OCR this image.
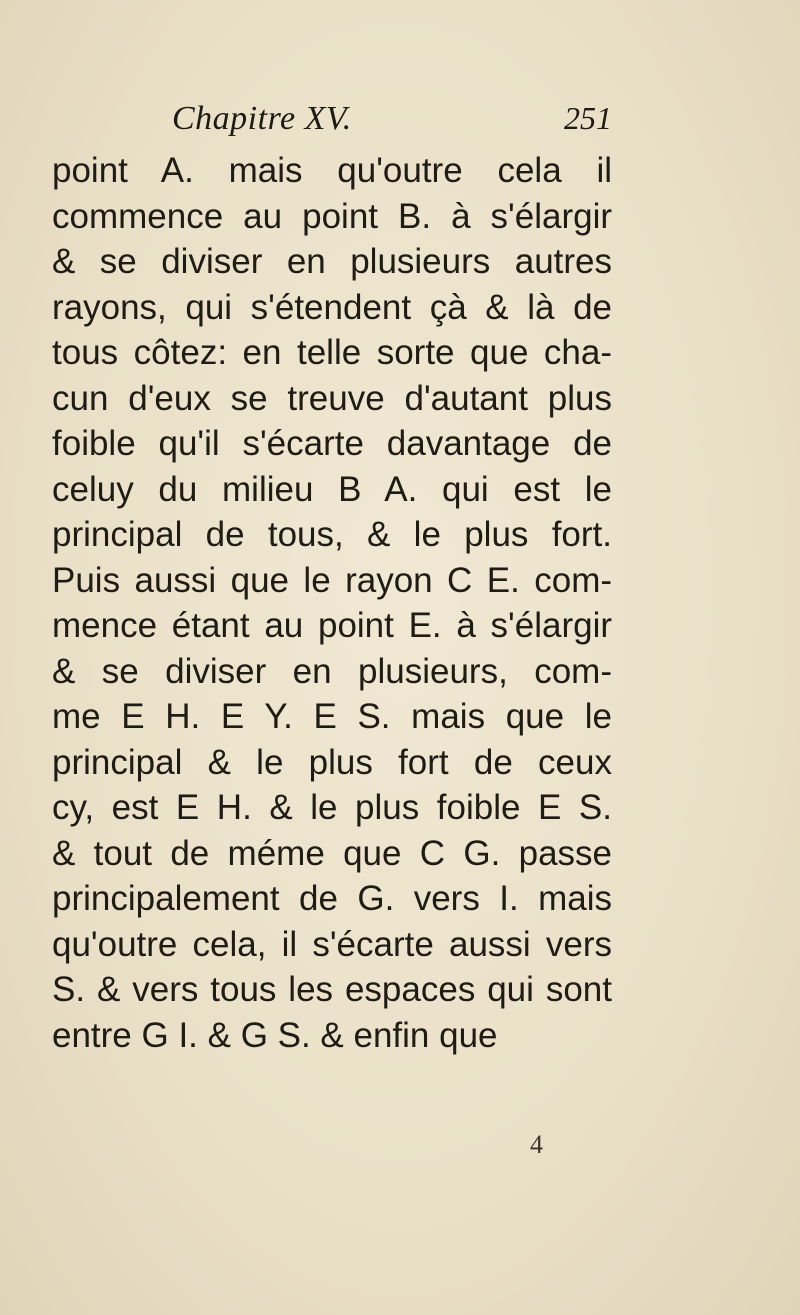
Chapitre XV.	251
point A. mais qu'outre cela il
commence au point B. à s'élargir
& se diviser en plusieurs autres
rayons, qui s'étendent çà & là de
tous côtez: en telle sorte que cha-
cun d'eux se treuve d'autant plus
foible qu'il s'écarte davantage de
celuy du milieu B A. qui est le
principal de tous, & le plus fort.
Puis aussi que le rayon C E. com-
mence étant au point E. à s'élargir
& se diviser en plusieurs, com-
me E H. E Y. E S. mais que le
principal & le plus fort de ceux
cy, est E H. & le plus foible E S.
& tout de méme que C G. passe
principalement de G. vers I. mais
qu'outre cela, il s'écarte aussi vers
S. & vers tous les espaces qui sont
entre G I. & G S. & enfin que
4
